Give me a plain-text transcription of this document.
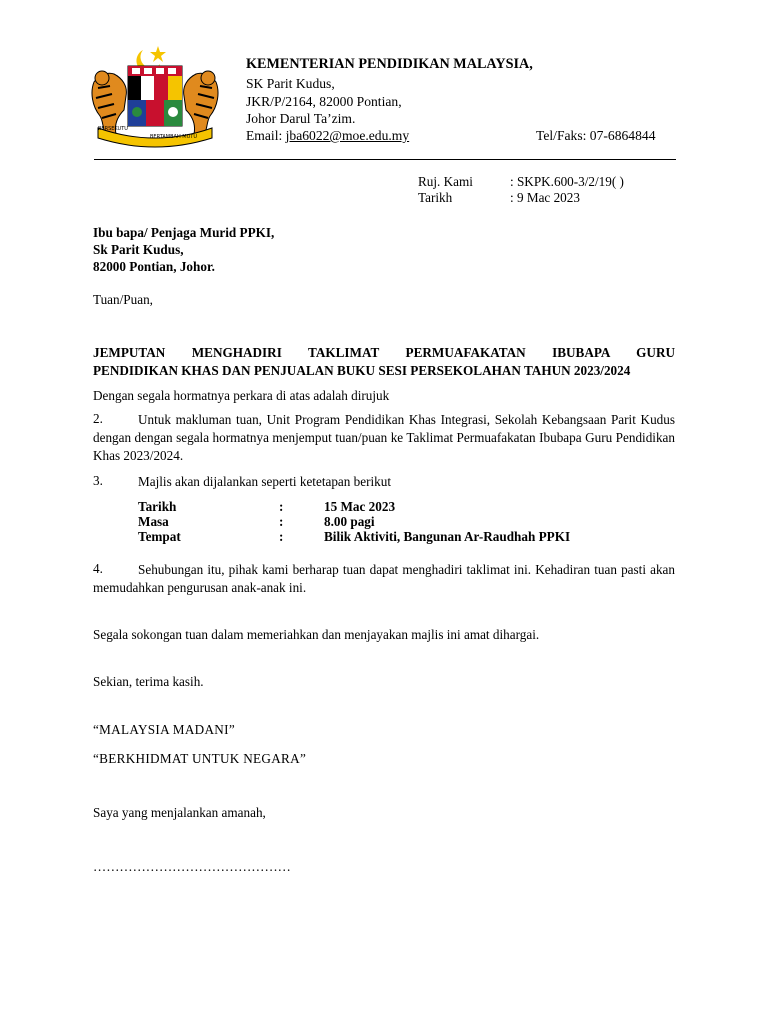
BERSEKUTU
BERTAMBAH MUTU
KEMENTERIAN PENDIDIKAN MALAYSIA,
SK Parit Kudus,
JKR/P/2164, 82000 Pontian,
Johor Darul Ta’zim.
Email: jba6022@moe.edu.my	Tel/Faks: 07-6864844
Ruj. Kami	: SKPK.600-3/2/19( )
Tarikh	: 9 Mac 2023
Ibu bapa/ Penjaga Murid PPKI,
Sk Parit Kudus,
82000 Pontian, Johor.
Tuan/Puan,
JEMPUTAN MENGHADIRI TAKLIMAT PERMUAFAKATAN IBUBAPA GURU
PENDIDIKAN KHAS DAN PENJUALAN BUKU SESI PERSEKOLAHAN TAHUN 2023/2024
Dengan segala hormatnya perkara di atas adalah dirujuk
2.	Untuk makluman tuan, Unit Program Pendidikan Khas Integrasi, Sekolah Kebangsaan Parit Kudus dengan dengan segala hormatnya menjemput tuan/puan ke Taklimat Permuafakatan Ibubapa Guru Pendidikan Khas 2023/2024.
3.	Majlis akan dijalankan seperti ketetapan berikut
Tarikh	:	15 Mac 2023
Masa	:	8.00 pagi
Tempat	:	Bilik Aktiviti, Bangunan Ar-Raudhah PPKI
4.	Sehubungan itu, pihak kami berharap tuan dapat menghadiri taklimat ini. Kehadiran tuan pasti akan memudahkan pengurusan anak-anak ini.
Segala sokongan tuan dalam memeriahkan dan menjayakan majlis ini amat dihargai.
Sekian, terima kasih.
“MALAYSIA MADANI”
“BERKHIDMAT UNTUK NEGARA”
Saya yang menjalankan amanah,
………………………………………
